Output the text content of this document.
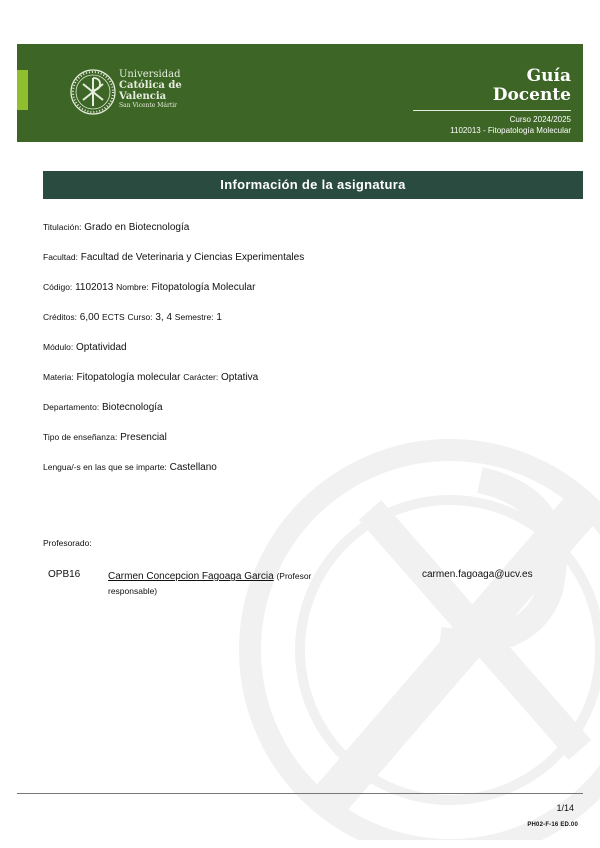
Universidad
Católica de
Valencia
San Vicente Mártir
Guía
Docente
Curso 2024/2025
1102013 - Fitopatología Molecular
Información de la asignatura
Titulación: Grado en Biotecnología
Facultad: Facultad de Veterinaria y Ciencias Experimentales
Código: 1102013 Nombre: Fitopatología Molecular
Créditos: 6,00 ECTS Curso: 3, 4 Semestre: 1
Módulo: Optatividad
Materia: Fitopatología molecular Carácter: Optativa
Departamento: Biotecnología
Tipo de enseñanza: Presencial
Lengua/-s en las que se imparte: Castellano
Profesorado:
OPB16	Carmen Concepcion Fagoaga Garcia (Profesor responsable)
carmen.fagoaga@ucv.es
1/14
PH02-F-16 ED.00
